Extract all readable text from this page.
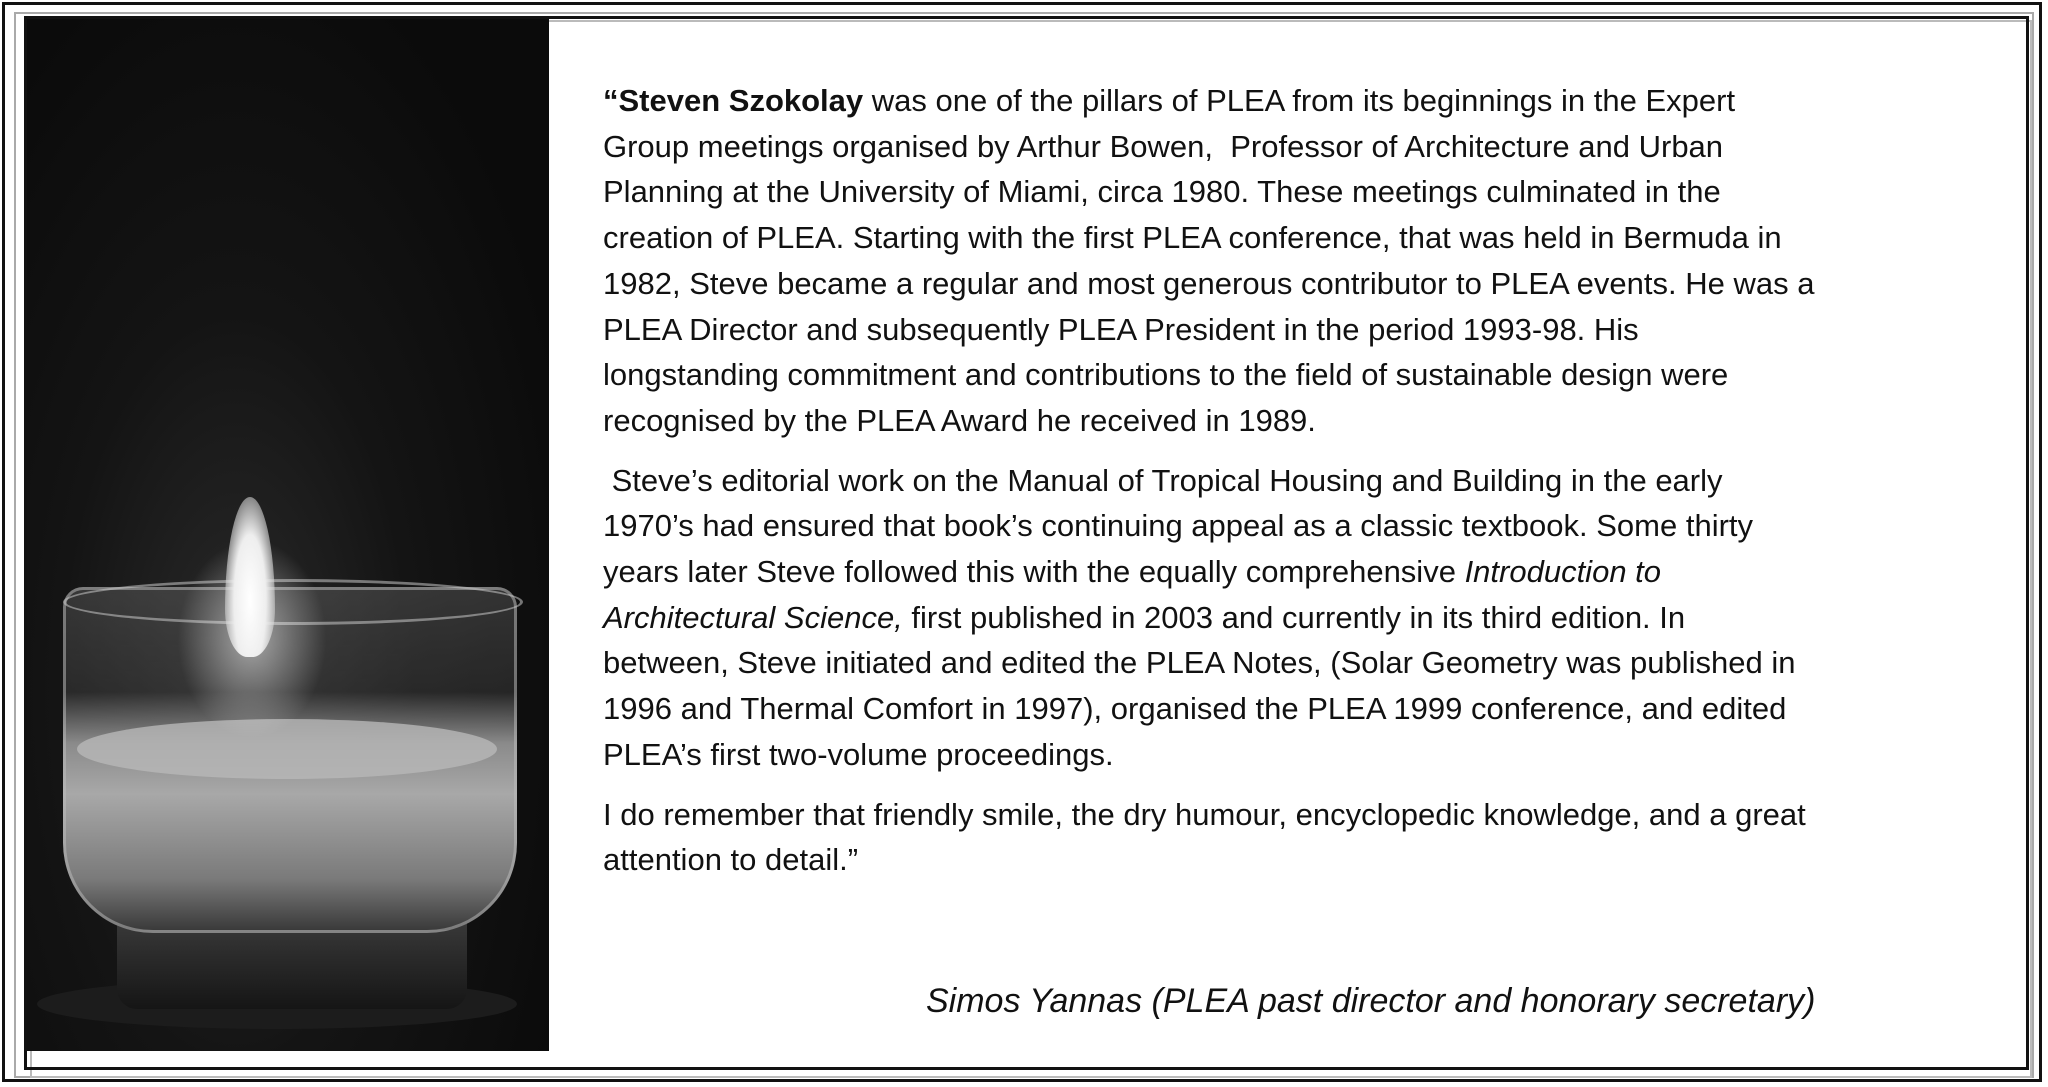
“Steven Szokolay was one of the pillars of PLEA from its beginnings in the Expert
Group meetings organised by Arthur Bowen,  Professor of Architecture and Urban
Planning at the University of Miami, circa 1980. These meetings culminated in the
creation of PLEA. Starting with the first PLEA conference, that was held in Bermuda in
1982, Steve became a regular and most generous contributor to PLEA events. He was a
PLEA Director and subsequently PLEA President in the period 1993-98. His
longstanding commitment and contributions to the field of sustainable design were
recognised by the PLEA Award he received in 1989.

Steve’s editorial work on the Manual of Tropical Housing and Building in the early
1970’s had ensured that book’s continuing appeal as a classic textbook. Some thirty
years later Steve followed this with the equally comprehensive Introduction to
Architectural Science, first published in 2003 and currently in its third edition. In
between, Steve initiated and edited the PLEA Notes, (Solar Geometry was published in
1996 and Thermal Comfort in 1997), organised the PLEA 1999 conference, and edited
PLEA’s first two-volume proceedings.

I do remember that friendly smile, the dry humour, encyclopedic knowledge, and a great
attention to detail.”

Simos Yannas (PLEA past director and honorary secretary)
